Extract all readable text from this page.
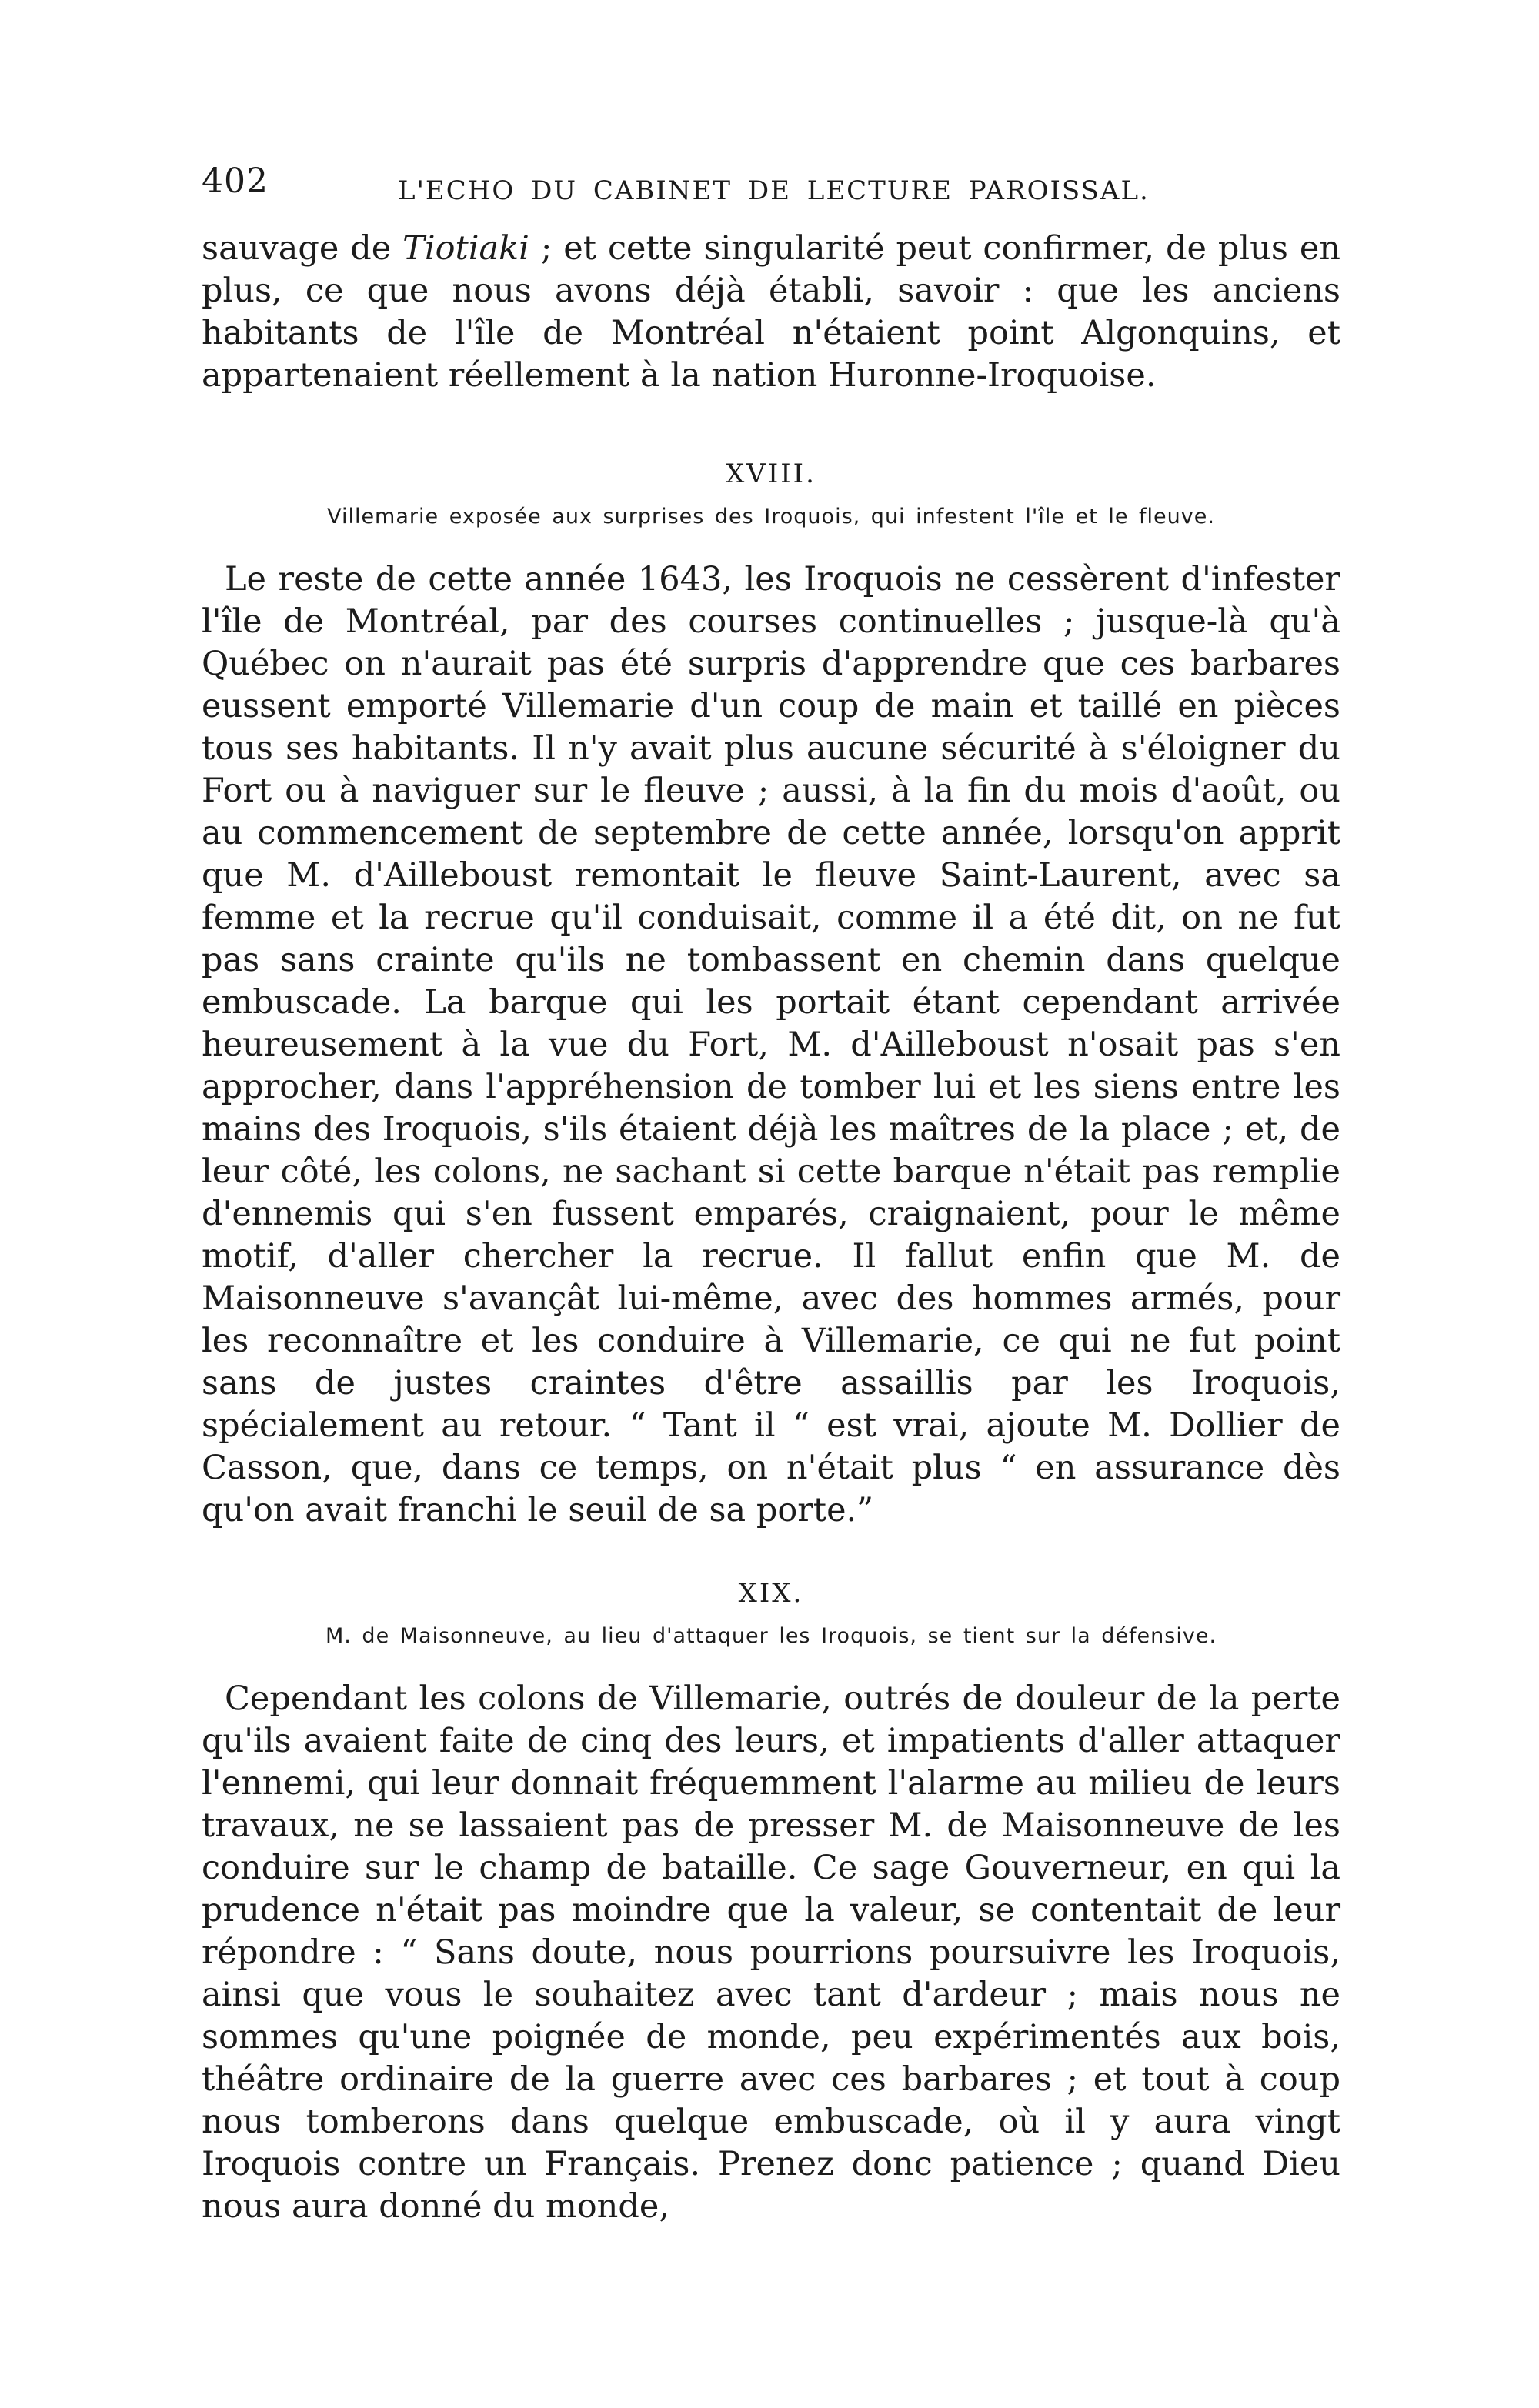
402	L'ECHO DU CABINET DE LECTURE PAROISSAL.

sauvage de Tiotiaki ; et cette singularité peut confirmer, de plus en plus, ce que nous avons déjà établi, savoir : que les anciens habitants de l'île de Montréal n'étaient point Algonquins, et appartenaient réellement à la nation Huronne-Iroquoise.

XVIII.
Villemarie exposée aux surprises des Iroquois, qui infestent l'île et le fleuve.

Le reste de cette année 1643, les Iroquois ne cessèrent d'infester l'île de Montréal, par des courses continuelles ; jusque-là qu'à Québec on n'aurait pas été surpris d'apprendre que ces barbares eussent emporté Villemarie d'un coup de main et taillé en pièces tous ses habitants. Il n'y avait plus aucune sécurité à s'éloigner du Fort ou à naviguer sur le fleuve ; aussi, à la fin du mois d'août, ou au commencement de septembre de cette année, lorsqu'on apprit que M. d'Ailleboust remontait le fleuve Saint-Laurent, avec sa femme et la recrue qu'il conduisait, comme il a été dit, on ne fut pas sans crainte qu'ils ne tombassent en chemin dans quelque embuscade. La barque qui les portait étant cependant arrivée heureusement à la vue du Fort, M. d'Ailleboust n'osait pas s'en approcher, dans l'appréhension de tomber lui et les siens entre les mains des Iroquois, s'ils étaient déjà les maîtres de la place ; et, de leur côté, les colons, ne sachant si cette barque n'était pas remplie d'ennemis qui s'en fussent emparés, craignaient, pour le même motif, d'aller chercher la recrue. Il fallut enfin que M. de Maisonneuve s'avançât lui-même, avec des hommes armés, pour les reconnaître et les conduire à Villemarie, ce qui ne fut point sans de justes craintes d'être assaillis par les Iroquois, spécialement au retour. “ Tant il “ est vrai, ajoute M. Dollier de Casson, que, dans ce temps, on n'était plus “ en assurance dès qu'on avait franchi le seuil de sa porte.”

XIX.
M. de Maisonneuve, au lieu d'attaquer les Iroquois, se tient sur la défensive.

Cependant les colons de Villemarie, outrés de douleur de la perte qu'ils avaient faite de cinq des leurs, et impatients d'aller attaquer l'ennemi, qui leur donnait fréquemment l'alarme au milieu de leurs travaux, ne se lassaient pas de presser M. de Maisonneuve de les conduire sur le champ de bataille. Ce sage Gouverneur, en qui la prudence n'était pas moindre que la valeur, se contentait de leur répondre : “ Sans doute, nous pourrions poursuivre les Iroquois, ainsi que vous le souhaitez avec tant d'ardeur ; mais nous ne sommes qu'une poignée de monde, peu expérimentés aux bois, théâtre ordinaire de la guerre avec ces barbares ; et tout à coup nous tomberons dans quelque embuscade, où il y aura vingt Iroquois contre un Français. Prenez donc patience ; quand Dieu nous aura donné du monde,
